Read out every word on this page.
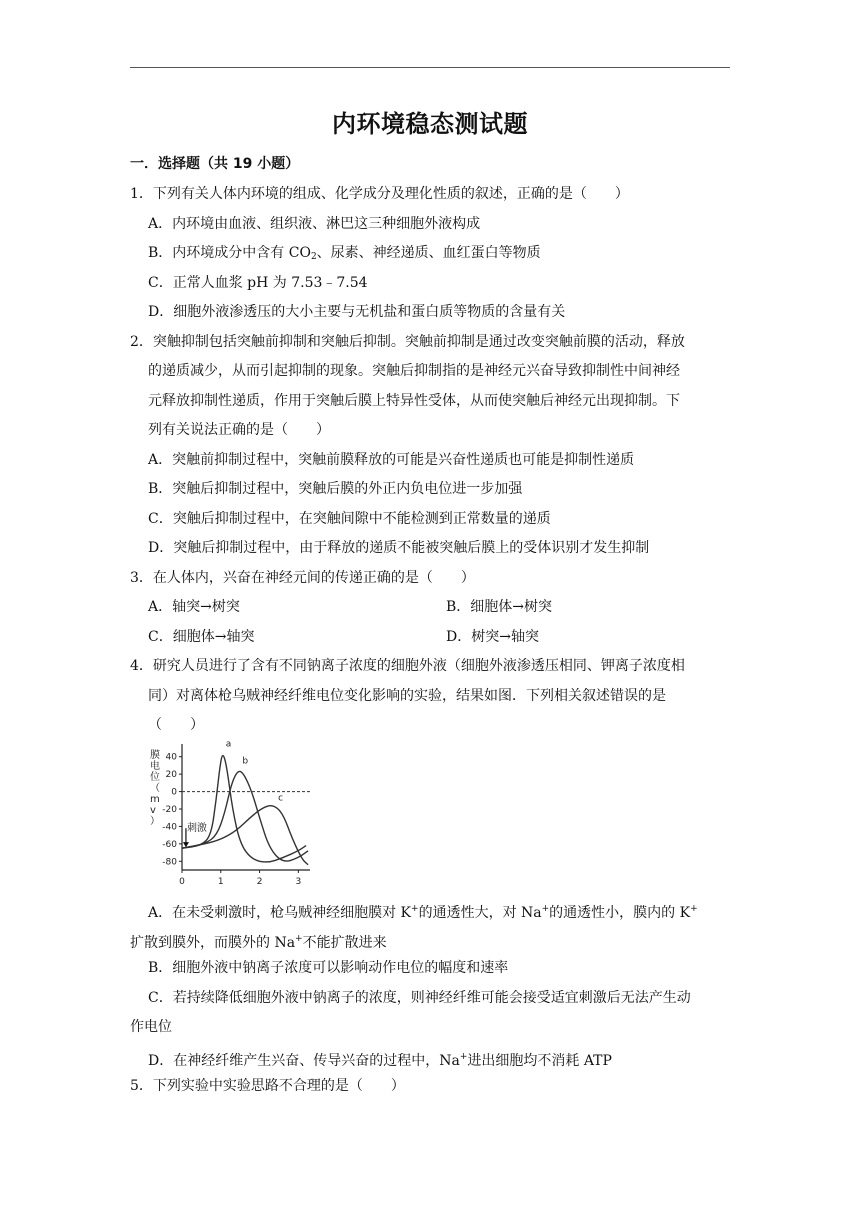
内环境稳态测试题
一．选择题（共 19 小题）
1．下列有关人体内环境的组成、化学成分及理化性质的叙述，正确的是（　　）
A．内环境由血液、组织液、淋巴这三种细胞外液构成
B．内环境成分中含有 $CO_2$、尿素、神经递质、血红蛋白等物质
C．正常人血浆 pH 为 7.53﹣7.54
D．细胞外液渗透压的大小主要与无机盐和蛋白质等物质的含量有关
2．突触抑制包括突触前抑制和突触后抑制。突触前抑制是通过改变突触前膜的活动，释放
的递质减少，从而引起抑制的现象。突触后抑制指的是神经元兴奋导致抑制性中间神经
元释放抑制性递质，作用于突触后膜上特异性受体，从而使突触后神经元出现抑制。下
列有关说法正确的是（　　）
A．突触前抑制过程中，突触前膜释放的可能是兴奋性递质也可能是抑制性递质
B．突触后抑制过程中，突触后膜的外正内负电位进一步加强
C．突触后抑制过程中，在突触间隙中不能检测到正常数量的递质
D．突触后抑制过程中，由于释放的递质不能被突触后膜上的受体识别才发生抑制
3．在人体内，兴奋在神经元间的传递正确的是（　　）
A．轴突→树突	B．细胞体→树突
C．细胞体→轴突	D．树突→轴突
4．研究人员进行了含有不同钠离子浓度的细胞外液（细胞外液渗透压相同、钾离子浓度相
同）对离体枪乌贼神经纤维电位变化影响的实验，结果如图．下列相关叙述错误的是
（　　）
40
20
0
-20
-40
-60
-80
0	1	2	3
膜电位（ m v ）
a
b
c
刺激
A．在未受刺激时，枪乌贼神经细胞膜对 K+的通透性大，对 Na+的通透性小，膜内的 K+
扩散到膜外，而膜外的 Na+不能扩散进来
B．细胞外液中钠离子浓度可以影响动作电位的幅度和速率
C．若持续降低细胞外液中钠离子的浓度，则神经纤维可能会接受适宜刺激后无法产生动
作电位
D．在神经纤维产生兴奋、传导兴奋的过程中，Na+进出细胞均不消耗 ATP
5．下列实验中实验思路不合理的是（　　）
